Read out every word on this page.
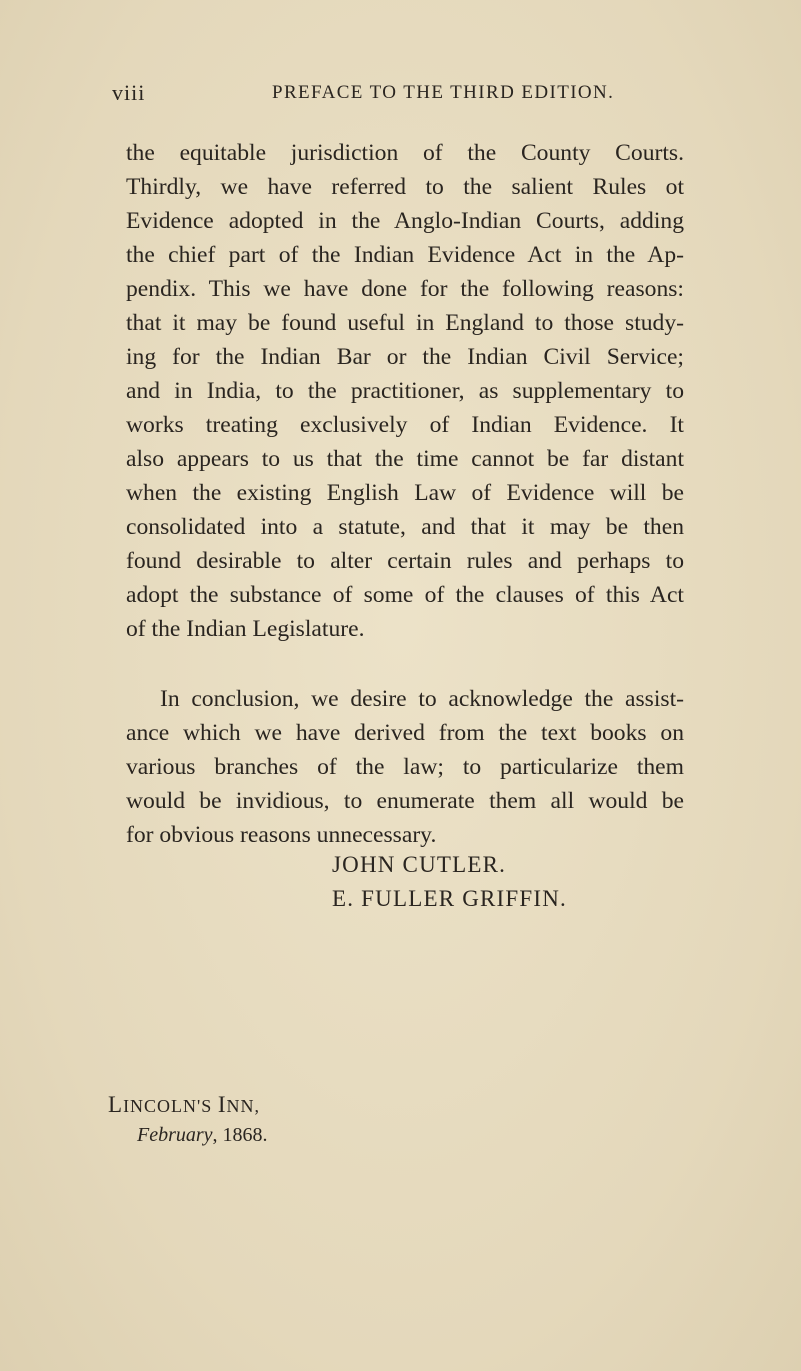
viii	PREFACE TO THE THIRD EDITION.
the equitable jurisdiction of the County Courts.
Thirdly, we have referred to the salient Rules ot
Evidence adopted in the Anglo-Indian Courts, adding
the chief part of the Indian Evidence Act in the Ap-
pendix. This we have done for the following reasons:
that it may be found useful in England to those study-
ing for the Indian Bar or the Indian Civil Service;
and in India, to the practitioner, as supplementary to
works treating exclusively of Indian Evidence. It
also appears to us that the time cannot be far distant
when the existing English Law of Evidence will be
consolidated into a statute, and that it may be then
found desirable to alter certain rules and perhaps to
adopt the substance of some of the clauses of this Act
of the Indian Legislature.
In conclusion, we desire to acknowledge the assist-
ance which we have derived from the text books on
various branches of the law; to particularize them
would be invidious, to enumerate them all would be
for obvious reasons unnecessary.
JOHN CUTLER.
E. FULLER GRIFFIN.
LINCOLN'S INN,
February, 1868.
